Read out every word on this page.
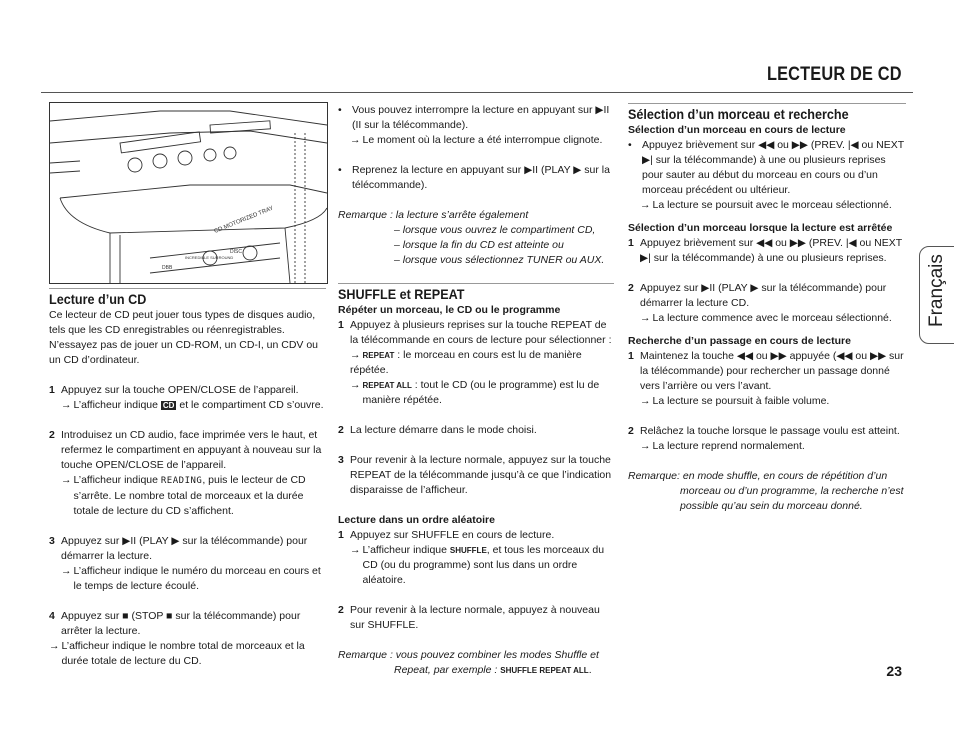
LECTEUR DE CD
CD MOTORIZED TRAY
DBB
INCREDIBLE SURROUND
DISC

Lecture d’un CD

Ce lecteur de CD peut jouer tous types de disques audio, tels que les CD enregistrables ou réenregistrables. N’essayez pas de jouer un CD-ROM, un CD-I, un CDV ou un CD d’ordinateur.

1 Appuyez sur la touche OPEN/CLOSE de l’appareil.
→ L’afficheur indique CD et le compartiment CD s’ouvre.
2 Introduisez un CD audio, face imprimée vers le haut, et refermez le compartiment en appuyant à nouveau sur la touche OPEN/CLOSE de l’appareil.
→ L’afficheur indique READING, puis le lecteur de CD s’arrête. Le nombre total de morceaux et la durée totale de lecture du CD s’affichent.
3 Appuyez sur ▶II (PLAY ▶ sur la télécommande) pour démarrer la lecture.
→ L’afficheur indique le numéro du morceau en cours et le temps de lecture écoulé.
4 Appuyez sur ■ (STOP ■ sur la télécommande) pour arrêter la lecture.
→ L’afficheur indique le nombre total de morceaux et la durée totale de lecture du CD.
• Vous pouvez interrompre la lecture en appuyant sur ▶II (II sur la télécommande).
→ Le moment où la lecture a été interrompue clignote.
• Reprenez la lecture en appuyant sur ▶II (PLAY ▶ sur la télécommande).

Remarque : la lecture s’arrête également

– lorsque vous ouvrez le compartiment CD,

– lorsque la fin du CD est atteinte ou

– lorsque vous sélectionnez TUNER ou AUX.

SHUFFLE et REPEAT

Répéter un morceau, le CD ou le programme

1 Appuyez à plusieurs reprises sur la touche REPEAT de la télécommande en cours de lecture pour sélectionner :
→ REPEAT : le morceau en cours est lu de manière répétée.
→ REPEAT ALL : tout le CD (ou le programme) est lu de manière répétée.
2 La lecture démarre dans le mode choisi.
3 Pour revenir à la lecture normale, appuyez sur la touche REPEAT de la télécommande jusqu’à ce que l’indication disparaisse de l’afficheur.

Lecture dans un ordre aléatoire

1 Appuyez sur SHUFFLE en cours de lecture.
→ L’afficheur indique SHUFFLE, et tous les morceaux du CD (ou du programme) sont lus dans un ordre aléatoire.
2 Pour revenir à la lecture normale, appuyez à nouveau sur SHUFFLE.

Remarque : vous pouvez combiner les modes Shuffle et

Repeat, par exemple : SHUFFLE REPEAT ALL.

Sélection d’un morceau et recherche

Sélection d’un morceau en cours de lecture

• Appuyez brièvement sur ◀◀ ou ▶▶ (PREV. |◀ ou NEXT ▶| sur la télécommande) à une ou plusieurs reprises pour sauter au début du morceau en cours ou d’un morceau précédent ou ultérieur.
→ La lecture se poursuit avec le morceau sélectionné.

Sélection d’un morceau lorsque la lecture est arrêtée

1 Appuyez brièvement sur ◀◀ ou ▶▶ (PREV. |◀ ou NEXT ▶| sur la télécommande) à une ou plusieurs reprises.
2 Appuyez sur ▶II (PLAY ▶ sur la télécommande) pour démarrer la lecture CD.
→ La lecture commence avec le morceau sélectionné.

Recherche d’un passage en cours de lecture

1 Maintenez la touche ◀◀ ou ▶▶ appuyée (◀◀ ou ▶▶ sur la télécommande) pour rechercher un passage donné vers l’arrière ou vers l’avant.
→ La lecture se poursuit à faible volume.
2 Relâchez la touche lorsque le passage voulu est atteint.
→ La lecture reprend normalement.

Remarque: en mode shuffle, en cours de répétition d’un

morceau ou d’un programme, la recherche n’est

possible qu’au sein du morceau donné.

Français
23
